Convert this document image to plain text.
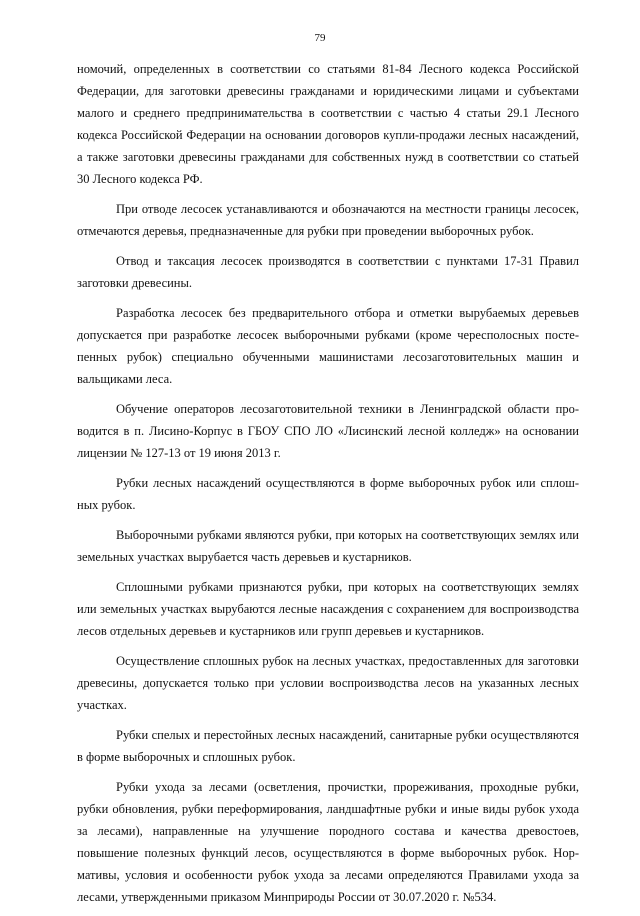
79

номочий, определенных в соответствии со статьями 81-84 Лесного кодекса Российской Федерации, для заготовки древесины гражданами и юридическими лицами и субъектами малого и среднего предпринимательства в соответствии с частью 4 статьи 29.1 Лесного кодекса Российской Федерации на основании договоров купли-продажи лесных насаждений, а также заготовки древесины гражданами для собственных нужд в соответствии со статьей 30 Лесного кодекса РФ.

При отводе лесосек устанавливаются и обозначаются на местности границы лесосек, отмечаются деревья, предназначенные для рубки при проведении выборочных рубок.

Отвод и таксация лесосек производятся в соответствии с пунктами 17-31 Правил заготовки древесины.

Разработка лесосек без предварительного отбора и отметки вырубаемых деревьев допускается при разработке лесосек выборочными рубками (кроме чересполосных постепенных рубок) специально обученными машинистами лесозаготовительных машин и вальщиками леса.

Обучение операторов лесозаготовительной техники в Ленинградской области проводится в п. Лисино-Корпус в ГБОУ СПО ЛО «Лисинский лесной колледж» на основании лицензии № 127-13 от 19 июня 2013 г.

Рубки лесных насаждений осуществляются в форме выборочных рубок или сплошных рубок.

Выборочными рубками являются рубки, при которых на соответствующих землях или земельных участках вырубается часть деревьев и кустарников.

Сплошными рубками признаются рубки, при которых на соответствующих землях или земельных участках вырубаются лесные насаждения с сохранением для воспроизводства лесов отдельных деревьев и кустарников или групп деревьев и кустарников.

Осуществление сплошных рубок на лесных участках, предоставленных для заготовки древесины, допускается только при условии воспроизводства лесов на указанных лесных участках.

Рубки спелых и перестойных лесных насаждений, санитарные рубки осуществляются в форме выборочных и сплошных рубок.

Рубки ухода за лесами (осветления, прочистки, прореживания, проходные рубки, рубки обновления, рубки переформирования, ландшафтные рубки и иные виды рубок ухода за лесами), направленные на улучшение породного состава и качества древостоев, повышение полезных функций лесов, осуществляются в форме выборочных рубок. Нормативы, условия и особенности рубок ухода за лесами определяются Правилами ухода за лесами, утвержденными приказом Минприроды России от 30.07.2020 г. №534.
